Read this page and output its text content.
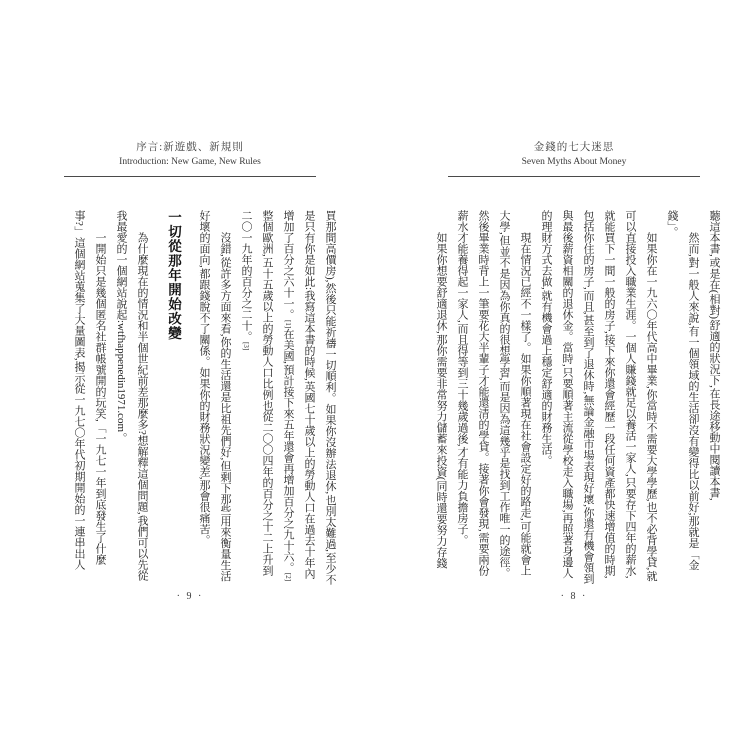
序言:新遊戲、新規則
Introduction: New Game, New Rules

買那間高價房),然後只能祈禱一切順利。如果你沒辦法退休,也別太難過,至少不是只有你是如此:我寫這本書的時候,英國七十歲以上的勞動人口在過去十年內增加了百分之六十一。[1]在美國,預計接下來五年還會再增加百分之九十六。[2]整個歐洲,五十五歲以上的勞動人口比例也從二〇〇四年的百分之十二上升到二〇一九年的百分之二十。[3]

沒錯,從許多方面來看,你的生活還是比祖先們好,但剩下那些用來衡量生活好壞的面向,都跟錢脫不了關係。如果你的財務狀況變差,那會很痛苦。

一切從那年開始改變

為什麼現在的情況和半個世紀前差那麼多?想解釋這個問題,我們可以先從我最愛的一個網站說起:wtfhappenedin1971.com。

一開始只是幾個匿名社群帳號開的玩笑,「一九七一年到底發生了什麼事?」這個網站蒐集了大量圖表,揭示從一九七〇年代初期開始的一連串出人

· 9 ·
金錢的七大迷思
Seven Myths About Money

聽這本書,或是在(相對)舒適的狀況下,在長途移動中閱讀本書,

然而,對一般人來說,有一個領域的生活卻沒有變得比以前好;那就是「金錢」。

如果你在一九六〇年代高中畢業,你當時不需要大學學歷,也不必背學貸,就可以直接投入職業生涯。一個人賺錢就足以養活一家人,只要存下四年的薪水,就能買下一間一般的房子,接下來你還會經歷一段任何資產都快速增值的時期,包括你住的房子,而且,甚至到了退休時,無論金融市場表現好壞,你還有機會領到與最後薪資相關的退休金。當時,只要順著主流從學校走入職場,再照著身邊人的理財方式去做,就有機會過上穩定舒適的財務生活。

現在情況已經不一樣了。如果你順著現在社會設定好的路走,可能就會上大學,但並不是因為你真的很想學習,而是因為這幾乎是找到工作唯一的途徑。然後畢業時背上一筆要花大半輩子才能還清的學貸。接著你會發現,需要兩份薪水才能養得起一家人,而且得等到三十幾歲過後,才有能力負擔房子。

如果你想要舒適退休,那你需要非常努力儲蓄來投資(同時還要努力存錢

· 8 ·
